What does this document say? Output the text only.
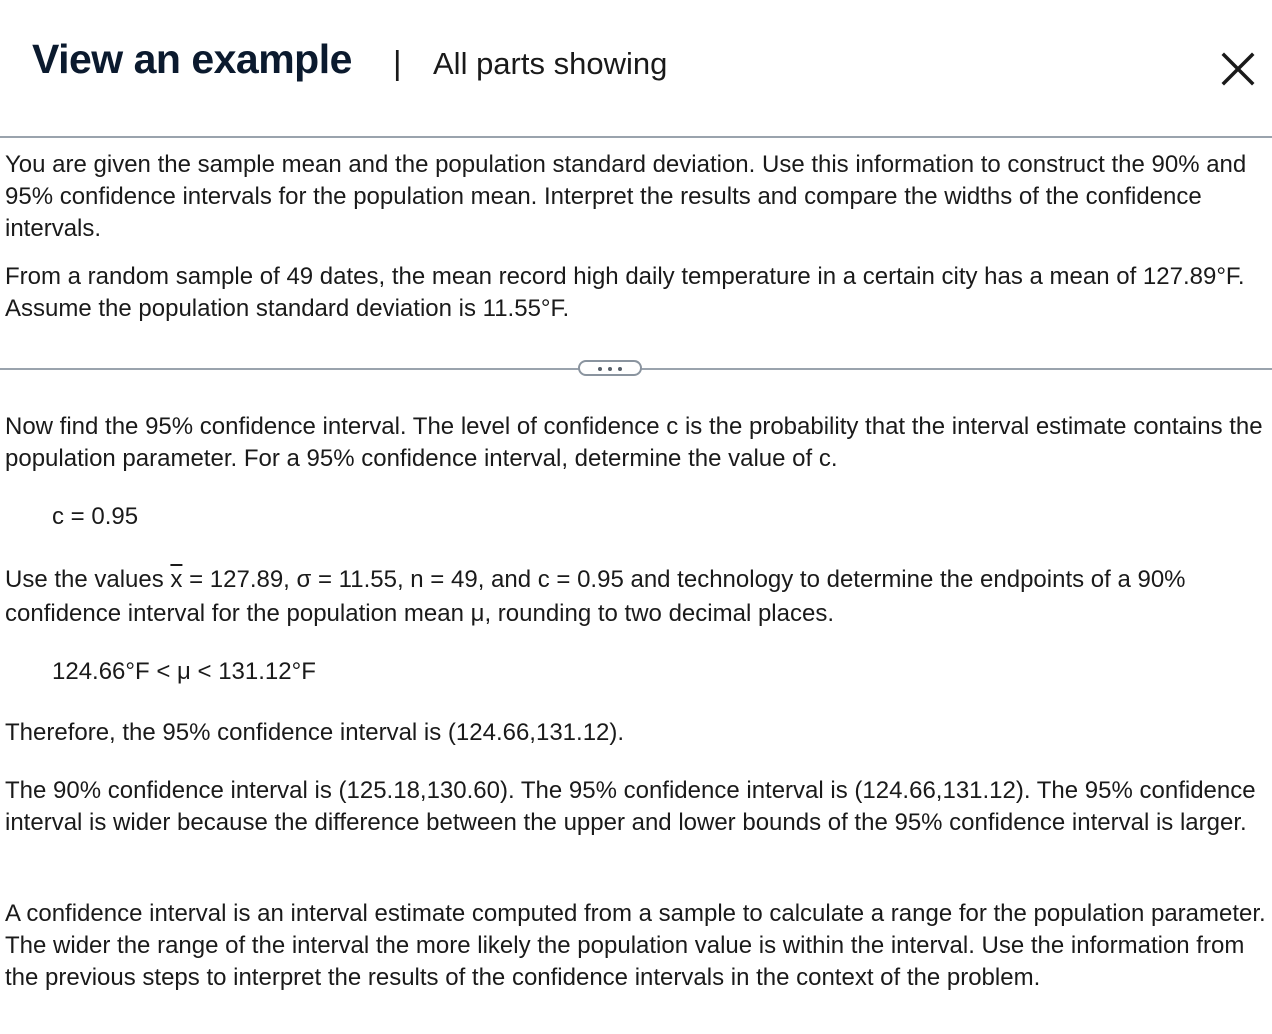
View an example | All parts showing
You are given the sample mean and the population standard deviation. Use this information to construct the 90% and 95% confidence intervals for the population mean. Interpret the results and compare the widths of the confidence intervals.
From a random sample of 49 dates, the mean record high daily temperature in a certain city has a mean of 127.89°F. Assume the population standard deviation is 11.55°F.
Now find the 95% confidence interval. The level of confidence c is the probability that the interval estimate contains the population parameter. For a 95% confidence interval, determine the value of c.
c = 0.95
Use the values $\overline{x} = 127.89$, σ = 11.55, n = 49, and c = 0.95 and technology to determine the endpoints of a 90% confidence interval for the population mean μ, rounding to two decimal places.
124.66°F < μ < 131.12°F
Therefore, the 95% confidence interval is (124.66,131.12).
The 90% confidence interval is (125.18,130.60). The 95% confidence interval is (124.66,131.12). The 95% confidence interval is wider because the difference between the upper and lower bounds of the 95% confidence interval is larger.
A confidence interval is an interval estimate computed from a sample to calculate a range for the population parameter. The wider the range of the interval the more likely the population value is within the interval. Use the information from the previous steps to interpret the results of the confidence intervals in the context of the problem.
